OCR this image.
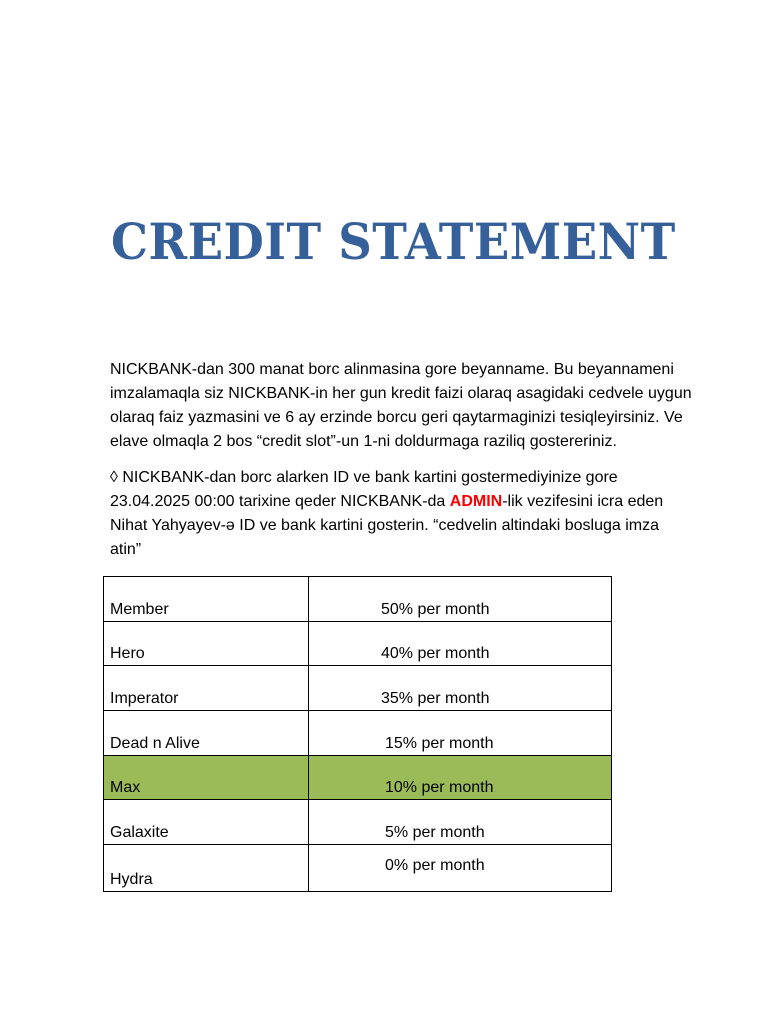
CREDIT STATEMENT
NICKBANK-dan 300 manat borc alinmasina gore beyanname. Bu beyannameni
imzalamaqla siz NICKBANK-in her gun kredit faizi olaraq asagidaki cedvele uygun
olaraq faiz yazmasini ve 6 ay erzinde borcu geri qaytarmaginizi tesiqleyirsiniz. Ve
elave olmaqla 2 bos “credit slot”-un 1-ni doldurmaga raziliq gostereriniz.
◊ NICKBANK-dan borc alarken ID ve bank kartini gostermediyinize gore
23.04.2025 00:00 tarixine qeder NICKBANK-da ADMIN-lik vezifesini icra eden
Nihat Yahyayev-ə ID ve bank kartini gosterin. “cedvelin altindaki bosluga imza
atin”
Member	50% per month
Hero	40% per month
Imperator	35% per month
Dead n Alive	15% per month
Max	10% per month
Galaxite	5% per month
Hydra	0% per month
